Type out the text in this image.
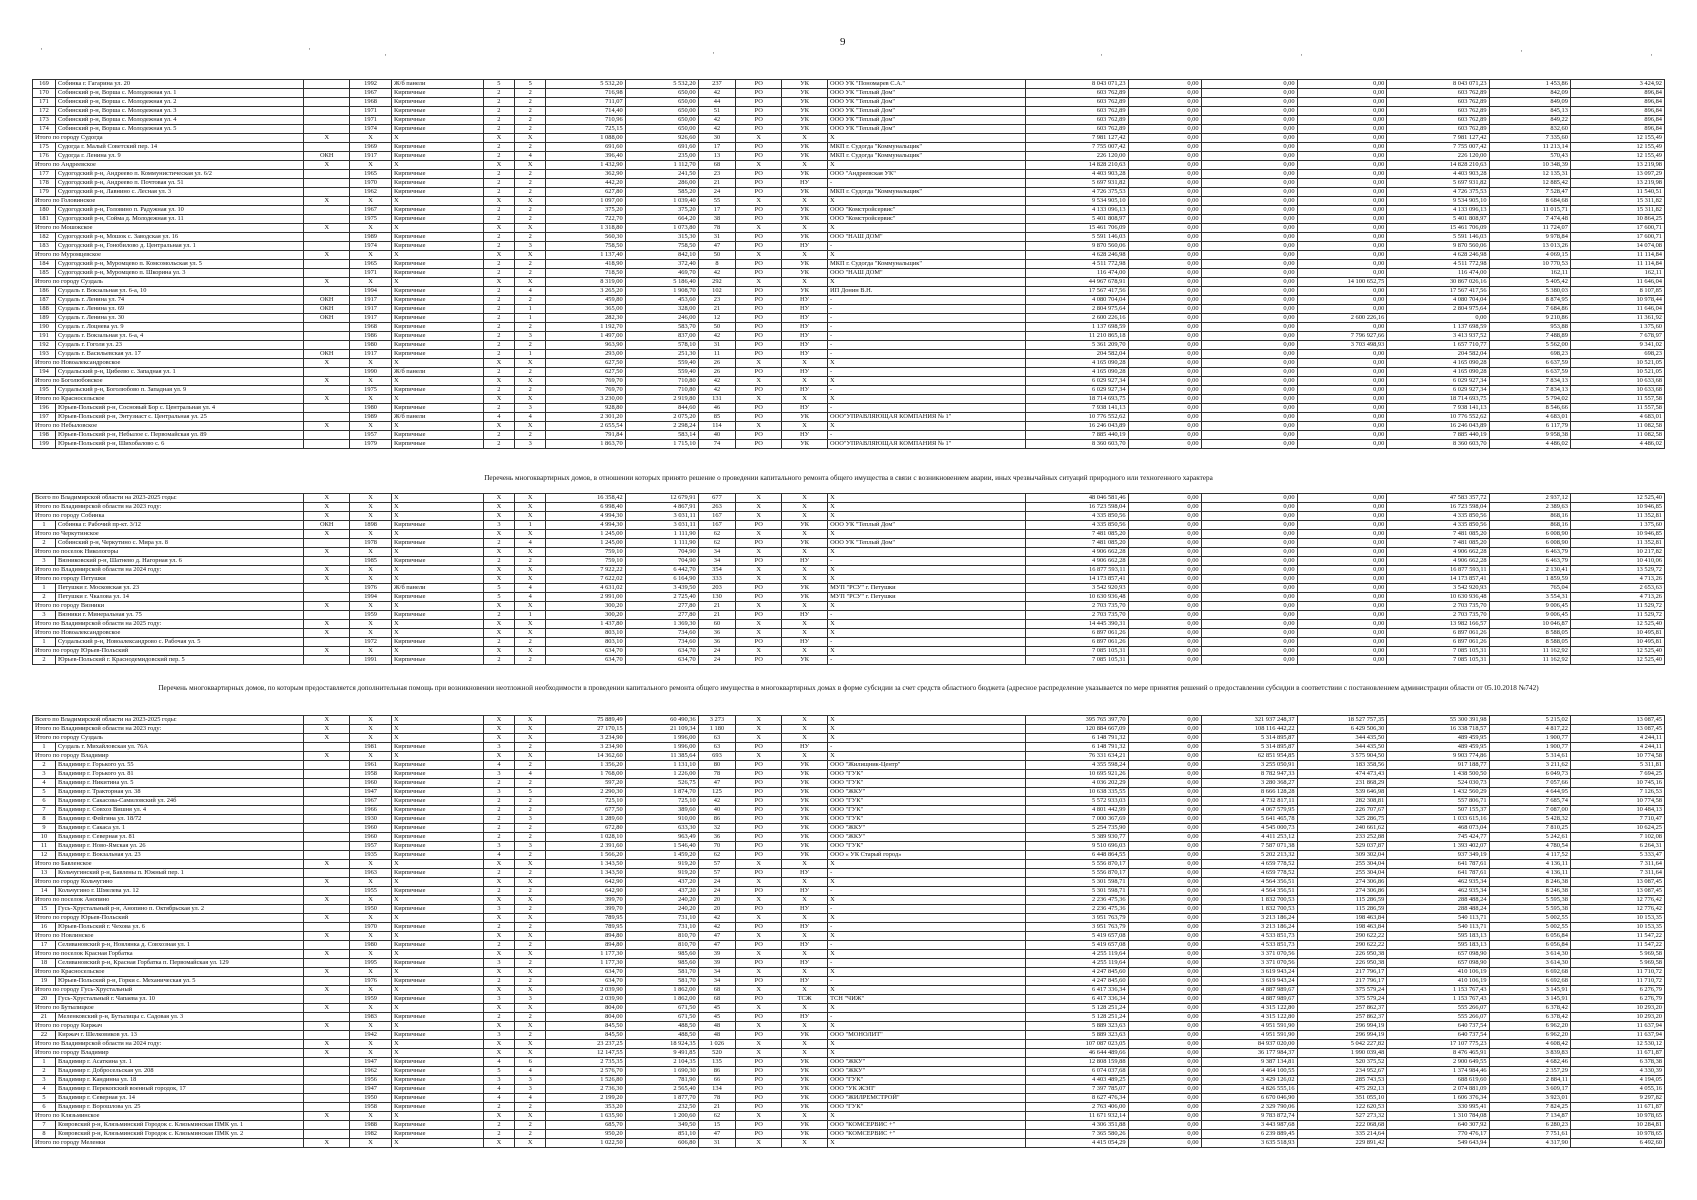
9
·	·
·	·	·	·	·	·
169	Собинка г. Гагарина ул. 20		1992	Ж/б панели	5	5	5 532,20	5 532,20	237	РО	УК	ООО УК "Пономарев С.А."	8 043 071,23	0,00	0,00	0,00	8 043 071,23	1 453,86	3 424,92
170	Собинский р-н, Ворша с. Молодежная ул. 1		1967	Кирпичные	2	2	716,98	650,00	42	РО	УК	ООО УК "Теплый Дом"	603 762,89	0,00	0,00	0,00	603 762,89	842,09	896,84
171	Собинский р-н, Ворша с. Молодежная ул. 2		1968	Кирпичные	2	2	711,07	650,00	44	РО	УК	ООО УК "Теплый Дом"	603 762,89	0,00	0,00	0,00	603 762,89	849,09	896,84
172	Собинский р-н, Ворша с. Молодежная ул. 3		1971	Кирпичные	2	2	714,40	650,00	51	РО	УК	ООО УК "Теплый Дом"	603 762,89	0,00	0,00	0,00	603 762,89	845,13	896,84
173	Собинский р-н, Ворша с. Молодежная ул. 4		1971	Кирпичные	2	2	710,96	650,00	42	РО	УК	ООО УК "Теплый Дом"	603 762,89	0,00	0,00	0,00	603 762,89	849,22	896,84
174	Собинский р-н, Ворша с. Молодежная ул. 5		1974	Кирпичные	2	2	725,15	650,00	42	РО	УК	ООО УК "Теплый Дом"	603 762,89	0,00	0,00	0,00	603 762,89	832,60	896,84
Итого по городу Судогда		Х	Х	Х	Х	Х	1 088,00	926,60	30	Х	Х	Х	7 981 127,42	0,00	0,00	0,00	7 981 127,42	7 335,60	12 155,49
175	Судогда г. Малый Советский пер. 14		1969	Кирпичные	2	2	691,60	691,60	17	РО	УК	МКП г. Судогда "Коммунальщик"	7 755 007,42	0,00	0,00	0,00	7 755 007,42	11 213,14	12 155,49
176	Судогда г. Ленина ул. 9	ОКН	1917	Кирпичные	2	4	396,40	235,00	13	РО	УК	МКП г. Судогда "Коммунальщик"	226 120,00	0,00	0,00	0,00	226 120,00	570,43	12 155,49
Итого по Андреевское		Х	Х	Х	Х	Х	1 432,90	1 112,70	68	Х	Х	Х	14 828 210,63	0,00	0,00	0,00	14 828 210,63	10 348,39	13 219,98
177	Судогодский р-н, Андреево п. Коммунистическая ул. 6/2		1965	Кирпичные	2	2	362,90	241,50	23	РО	УК	ООО "Андреевская УК"	4 403 903,28	0,00	0,00	0,00	4 403 903,28	12 135,31	13 097,29
178	Судогодский р-н, Андреево п. Почтовая ул. 51		1970	Кирпичные	2	2	442,20	286,00	21	РО	НУ	-	5 697 931,82	0,00	0,00	0,00	5 697 931,82	12 885,42	13 219,98
179	Судогодский р-н, Лавнино с. Лесная ул. 3		1962	Кирпичные	2	2	627,80	585,20	24	РО	УК	МКП г. Судогда "Коммунальщик"	4 726 375,53	0,00	0,00	0,00	4 726 375,53	7 528,47	11 540,51
Итого по Головинское		Х	Х	Х	Х	Х	1 097,00	1 039,40	55	Х	Х	Х	9 534 905,10	0,00	0,00	0,00	9 534 905,10	8 684,68	15 311,82
180	Судогодский р-н, Головино п. Радужная ул. 10		1967	Кирпичные	2	2	375,20	375,20	17	РО	УК	ООО "Комстройсервис"	4 133 096,13	0,00	0,00	0,00	4 133 096,13	11 015,71	15 311,82
181	Судогодский р-н, Сойма д. Молодежная ул. 11		1975	Кирпичные	2	2	722,70	664,20	38	РО	УК	ООО "Комстройсервис"	5 401 808,97	0,00	0,00	0,00	5 401 808,97	7 474,48	10 864,25
Итого по Мошокское		Х	Х	Х	Х	Х	1 318,80	1 073,80	78	Х	Х	Х	15 461 706,09	0,00	0,00	0,00	15 461 706,09	11 724,07	17 600,71
182	Судогодский р-н, Мошок с. Заводская ул. 16		1989	Кирпичные	2	2	560,30	315,30	31	РО	УК	ООО "НАШ ДОМ"	5 591 146,03	0,00	0,00	0,00	5 591 146,03	9 978,84	17 600,71
183	Судогодский р-н, Гонобилово д. Центральная ул. 1		1974	Кирпичные	2	3	758,50	758,50	47	РО	НУ	-	9 870 560,06	0,00	0,00	0,00	9 870 560,06	13 013,26	14 074,08
Итого по Муромцевское		Х	Х	Х	Х	Х	1 137,40	842,10	50	Х	Х	Х	4 628 246,98	0,00	0,00	0,00	4 628 246,98	4 069,15	11 114,84
184	Судогодский р-н, Муромцево п. Комсомольская ул. 5		1965	Кирпичные	2	2	418,90	372,40	8	РО	УК	МКП г. Судогда "Коммунальщик"	4 511 772,98	0,00	0,00	0,00	4 511 772,98	10 770,53	11 114,84
185	Судогодский р-н, Муромцево п. Шкорина ул. 3		1971	Кирпичные	2	2	718,50	469,70	42	РО	УК	ООО "НАШ ДОМ"	116 474,00	0,00	0,00	0,00	116 474,00	162,11	162,11
Итого по городу Суздаль		Х	Х	Х	Х	Х	8 319,00	5 186,40	292	Х	Х	Х	44 967 678,91	0,00	0,00	14 100 652,75	30 867 026,16	5 405,42	11 646,04
186	Суздаль г. Вокзальная ул. 6-а, 10		1994	Кирпичные	2	4	3 265,20	1 908,70	102	РО	УК	ИП Донин В.Н.	17 567 417,56	0,00	0,00	0,00	17 567 417,56	5 380,03	8 107,85
187	Суздаль г. Ленина ул. 74	ОКН	1917	Кирпичные	2	2	459,80	453,60	23	РО	НУ	-	4 080 704,04	0,00	0,00	0,00	4 080 704,04	8 874,95	10 978,44
188	Суздаль г. Ленина ул. 69	ОКН	1917	Кирпичные	2	1	365,00	328,00	21	РО	НУ	-	2 804 975,64	0,00	0,00	0,00	2 804 975,64	7 684,86	11 646,04
189	Суздаль г. Ленина ул. 30	ОКН	1917	Кирпичные	2	1	282,30	246,00	12	РО	НУ	-	2 600 226,16	0,00	0,00	2 600 226,16	0,00	9 210,86	11 361,92
190	Суздаль г. Лоцнева ул. 9		1968	Кирпичные	2	2	1 192,70	583,70	50	РО	НУ	-	1 137 698,59	0,00	0,00	0,00	1 137 698,59	953,88	1 375,60
191	Суздаль г. Вокзальная ул. 6-а, 4		1986	Кирпичные	2	3	1 497,00	837,00	42	РО	НУ	-	11 210 865,18	0,00	0,00	7 796 927,66	3 413 937,52	7 488,89	7 678,97
192	Суздаль г. Гоголя ул. 23		1980	Кирпичные	2	2	963,90	578,10	31	РО	НУ	-	5 361 209,70	0,00	0,00	3 703 498,93	1 657 710,77	5 562,00	9 341,02
193	Суздаль г. Васильевская ул. 17	ОКН	1917	Кирпичные	2	1	293,00	251,30	11	РО	НУ	-	204 582,04	0,00	0,00	0,00	204 582,04	698,23	698,23
Итого по Новоалександровское		Х	Х	Х	Х	Х	627,50	559,40	26	Х	Х	Х	4 165 090,28	0,00	0,00	0,00	4 165 090,28	6 637,59	10 521,05
194	Суздальский р-н, Цибеево с. Западная ул. 1		1990	Ж/б панели	2	2	627,50	559,40	26	РО	НУ	-	4 165 090,28	0,00	0,00	0,00	4 165 090,28	6 637,59	10 521,05
Итого по Боголюбовское		Х	Х	Х	Х	Х	769,70	710,80	42	Х	Х	Х	6 029 927,34	0,00	0,00	0,00	6 029 927,34	7 834,13	10 633,68
195	Суздальский р-н, Боголюбово п. Западная ул. 9		1975	Кирпичные	2	2	769,70	710,80	42	РО	НУ	-	6 029 927,34	0,00	0,00	0,00	6 029 927,34	7 834,13	10 633,68
Итого по Красносельское		Х	Х	Х	Х	Х	3 230,00	2 919,80	131	Х	Х	Х	18 714 693,75	0,00	0,00	0,00	18 714 693,75	5 794,02	11 557,58
196	Юрьев-Польский р-н, Сосновый Бор с. Центральная ул. 4		1980	Кирпичные	2	3	928,80	844,60	46	РО	НУ	-	7 938 141,13	0,00	0,00	0,00	7 938 141,13	8 546,66	11 557,58
197	Юрьев-Польский р-н, Энтузиаст с. Центральная ул. 25		1989	Ж/б панели	4	4	2 301,20	2 075,20	85	РО	УК	ООО"УПРАВЛЯЮЩАЯ КОМПАНИЯ № 1"	10 776 552,62	0,00	0,00	0,00	10 776 552,62	4 683,01	4 683,01
Итого по Небыловское		Х	Х	Х	Х	Х	2 655,54	2 298,24	114	Х	Х	Х	16 246 043,89	0,00	0,00	0,00	16 246 043,89	6 117,79	11 082,58
198	Юрьев-Польский р-н, Небылое с. Первомайская ул. 89		1957	Кирпичные	2	2	791,84	583,14	40	РО	НУ	-	7 885 440,19	0,00	0,00	0,00	7 885 440,19	9 958,38	11 082,58
199	Юрьев-Польский р-н, Шихобалово с. 6		1979	Кирпичные	2	3	1 863,70	1 715,10	74	РО	УК	ООО"УПРАВЛЯЮЩАЯ КОМПАНИЯ № 1"	8 360 603,70	0,00	0,00	0,00	8 360 603,70	4 486,02	4 486,02
Перечень многоквартирных домов, в отношении которых принято решение о проведении капитального ремонта общего имущества в связи с возникновением аварии, иных чрезвычайных ситуаций природного или техногенного характера
Всего по Владимирской области на 2023-2025 годы:		Х	Х	Х	Х	Х	16 358,42	12 679,91	677	Х	Х	Х	48 046 581,46	0,00	0,00	0,00	47 583 357,72	2 937,12	12 525,40
Итого по Владимирской области на 2023 году:		Х	Х	Х	Х	Х	6 998,40	4 867,91	263	Х	Х	Х	16 723 598,04	0,00	0,00	0,00	16 723 598,04	2 389,63	10 946,85
Итого по городу Собинка		Х	Х	Х	Х	Х	4 994,30	3 031,11	167	Х	Х	Х	4 335 850,56	0,00	0,00	0,00	4 335 850,56	868,16	11 352,81
1	Собинка г. Рабочий пр-кт. 3/12	ОКН	1898	Кирпичные	3	1	4 994,30	3 031,11	167	РО	УК	ООО УК "Теплый Дом"	4 335 850,56	0,00	0,00	0,00	4 335 850,56	868,16	1 375,60
Итого по Черкутинское		Х	Х	Х	Х	Х	1 245,00	1 111,90	62	Х	Х	Х	7 481 085,20	0,00	0,00	0,00	7 481 085,20	6 008,90	10 946,85
2	Собинский р-н, Черкутино с. Мира ул. 8		1978	Кирпичные	2	4	1 245,00	1 111,90	62	РО	УК	ООО УК "Теплый Дом"	7 481 085,20	0,00	0,00	0,00	7 481 085,20	6 008,90	11 352,81
Итого по поселок Никологоры		Х	Х	Х	Х	Х	759,10	704,90	34	Х	Х	Х	4 906 662,28	0,00	0,00	0,00	4 906 662,28	6 463,79	10 217,82
3	Вязниковский р-н, Шатнево д. Нагорная ул. 6		1985	Кирпичные	2	2	759,10	704,90	34	РО	НУ	-	4 906 662,28	0,00	0,00	0,00	4 906 662,28	6 463,79	10 410,06
Итого по Владимирской области на 2024 году:		Х	Х	Х	Х	Х	7 922,22	6 442,70	354	Х	Х	Х	16 877 593,11	0,00	0,00	0,00	16 877 593,11	2 130,41	13 529,72
Итого по городу Петушки		Х	Х	Х	Х	Х	7 622,02	6 164,90	333	Х	Х	Х	14 173 857,41	0,00	0,00	0,00	14 173 857,41	1 859,59	4 713,26
1	Петушки г. Московская ул. 23		1976	Ж/б панели	5	4	4 631,02	3 439,50	203	РО	УК	МУП "РСУ" г. Петушки	3 542 920,93	0,00	0,00	0,00	3 542 920,93	765,04	2 653,63
2	Петушки г. Чкалова ул. 14		1994	Кирпичные	5	4	2 991,00	2 725,40	130	РО	УК	МУП "РСУ" г. Петушки	10 630 936,48	0,00	0,00	0,00	10 630 936,48	3 554,31	4 713,26
Итого по городу Вязники		Х	Х	Х	Х	Х	300,20	277,80	21	Х	Х	Х	2 703 735,70	0,00	0,00	0,00	2 703 735,70	9 006,45	11 529,72
3	Вязники г. Минеральная ул. 75		1959	Кирпичные	2	1	300,20	277,80	21	РО	НУ	-	2 703 735,70	0,00	0,00	0,00	2 703 735,70	9 006,45	11 529,72
Итого по Владимирской области на 2025 году:		Х	Х	Х	Х	Х	1 437,80	1 369,30	60	Х	Х	Х	14 445 390,31	0,00	0,00	0,00	13 982 166,57	10 046,87	12 525,40
Итого по Новоалександровское		Х	Х	Х	Х	Х	803,10	734,60	36	Х	Х	Х	6 897 061,26	0,00	0,00	0,00	6 897 061,26	8 588,05	10 495,81
1	Суздальский р-н, Новоалександрово с. Рабочая ул. 5		1972	Кирпичные	2	2	803,10	734,60	36	РО	НУ	-	6 897 061,26	0,00	0,00	0,00	6 897 061,26	8 588,05	10 495,81
Итого по городу Юрьев-Польский		Х	Х	Х	Х	Х	634,70	634,70	24	Х	Х	Х	7 085 105,31	0,00	0,00	0,00	7 085 105,31	11 162,92	12 525,40
2	Юрьев-Польский г. Краснодемидовский пер. 5		1991	Кирпичные	2	2	634,70	634,70	24	РО	УК	-	7 085 105,31	0,00	0,00	0,00	7 085 105,31	11 162,92	12 525,40
Перечень многоквартирных домов, по которым предоставляется дополнительная помощь при возникновении неотложной необходимости в проведении капитального ремонта общего имущества в многоквартирных домах в форме субсидии за счет средств областного бюджета (адресное распределение указывается по мере принятия решений о предоставлении субсидии в соответствии с постановлением администрации области от 05.10.2018 №742)
Всего по Владимирской области на 2023-2025 годы:		Х	Х	Х	Х	Х	75 889,49	60 490,36	3 273	Х	Х	Х	395 765 397,70	0,00	321 937 248,37	18 527 757,35	55 300 391,98	5 215,02	13 087,45
Итого по Владимирской области на 2023 году:		Х	Х	Х	Х	Х	27 170,15	21 109,34	1 180	Х	Х	Х	120 884 667,09	0,00	108 116 442,22	6 429 506,30	16 338 718,57	4 817,22	13 087,45
Итого по городу Суздаль		Х	Х	Х	Х	Х	3 234,90	1 996,00	63	Х	Х	Х	6 148 791,32	0,00	5 314 895,87	344 435,50	489 459,95	1 900,77	4 244,11
1	Суздаль г. Михайловская ул. 76А		1981	Кирпичные	3	2	3 234,90	1 996,00	63	РО	НУ	-	6 148 791,32	0,00	5 314 895,87	344 435,50	489 459,95	1 900,77	4 244,11
Итого по городу Владимир		Х	Х	Х	Х	Х	14 362,60	11 385,64	693	Х	Х	Х	76 331 634,21	0,00	62 851 954,85	3 575 904,50	9 903 774,86	5 314,61	10 774,58
2	Владимир г. Горького ул. 55		1961	Кирпичные	4	2	1 356,20	1 131,10	80	РО	УК	ООО "Жилищник-Центр"	4 355 598,24	0,00	3 255 050,91	183 358,56	917 188,77	3 211,62	5 311,81
3	Владимир г. Горького ул. 81		1958	Кирпичные	3	4	1 768,00	1 226,00	78	РО	УК	ООО "ГУК"	10 695 921,26	0,00	8 782 947,33	474 473,43	1 438 500,50	6 049,73	7 694,25
4	Владимир г. Никитина ул. 5		1960	Кирпичные	2	2	597,20	526,75	47	РО	УК	ООО "ГУК"	4 036 202,29	0,00	3 280 368,27	231 868,29	524 030,73	7 057,66	10 745,16
5	Владимир г. Тракторная ул. 38		1947	Кирпичные	3	5	2 290,30	1 874,70	125	РО	УК	ООО "ЖКУ"	10 638 335,55	0,00	8 666 128,28	539 646,98	1 432 560,29	4 644,95	7 126,53
6	Владимир г. Сакасова-Самиловский ул. 24б		1967	Кирпичные	2	2	725,10	725,10	42	РО	УК	ООО "ГУК"	5 572 933,03	0,00	4 732 817,11	282 308,81	557 806,71	7 685,74	10 774,58
7	Владимир г. Совхоз Вишня ул. 4		1966	Кирпичные	2	2	677,50	389,60	40	РО	УК	ООО "ГУК"	4 801 442,99	0,00	4 067 579,95	226 707,67	507 155,37	7 087,00	10 484,13
8	Владимир г. Фейгина ул. 18/72		1930	Кирпичные	2	3	1 289,60	910,00	86	РО	УК	ООО "ГУК"	7 000 367,69	0,00	5 641 465,78	325 286,75	1 033 615,16	5 428,32	7 710,47
9	Владимир г. Сакаса ул. 1		1960	Кирпичные	2	2	672,80	633,30	32	РО	УК	ООО "ЖКУ"	5 254 735,90	0,00	4 545 000,73	240 661,62	468 073,04	7 810,25	10 624,25
10	Владимир г. Северная ул. 81		1960	Кирпичные	2	2	1 028,10	963,49	36	РО	УК	ООО "ЖКУ"	5 389 930,77	0,00	4 411 253,12	233 252,88	745 424,77	5 242,61	7 102,08
11	Владимир г. Ново-Ямская ул. 26		1957	Кирпичные	3	3	2 391,60	1 546,40	70	РО	УК	ООО "ГУК"	9 510 696,03	0,00	7 587 071,38	529 037,87	1 393 402,07	4 780,54	6 264,31
12	Владимир г. Вокзальная ул. 23		1935	Кирпичные	4	2	1 566,20	1 459,20	62	РО	УК	ООО « УК Старый город»	6 448 864,55	0,00	5 202 213,32	309 302,04	937 349,19	4 117,52	5 333,47
Итого по Бавленское		Х	Х	Х	Х	Х	1 343,50	919,20	57	Х	Х	Х	5 556 870,17	0,00	4 659 778,52	255 304,04	641 787,61	4 136,11	7 311,64
13	Кольчугинский р-н, Бавлены п. Южный пер. 1		1963	Кирпичные	2	2	1 343,50	919,20	57	РО	НУ	-	5 556 870,17	0,00	4 659 778,52	255 304,04	641 787,61	4 136,11	7 311,64
Итого по городу Кольчугино		Х	Х	Х	Х	Х	642,90	437,20	24	Х	Х	Х	5 301 598,71	0,00	4 564 356,51	274 306,86	462 935,34	8 246,38	13 087,45
14	Кольчугино г. Шмелева ул. 12		1955	Кирпичные	2	2	642,90	437,20	24	РО	НУ	-	5 301 598,71	0,00	4 564 356,51	274 306,86	462 935,34	8 246,38	13 087,45
Итого по поселок Анопино		Х	Х	Х	Х	Х	399,70	240,20	20	Х	Х	Х	2 236 475,36	0,00	1 832 700,53	115 286,59	288 488,24	5 595,38	12 776,42
15	Гусь-Хрустальный р-н, Анопино п. Октябрьская ул. 2		1950	Кирпичные	3	2	399,70	240,20	20	РО	НУ	-	2 236 475,36	0,00	1 832 700,53	115 286,59	288 488,24	5 595,38	12 776,42
Итого по городу Юрьев-Польский		Х	Х	Х	Х	Х	789,95	731,10	42	Х	Х	Х	3 951 763,79	0,00	3 213 186,24	198 463,84	540 113,71	5 002,55	10 153,35
16	Юрьев-Польский г. Чехова ул. 6		1970	Кирпичные	2	2	789,95	731,10	42	РО	НУ	-	3 951 763,79	0,00	3 213 186,24	198 463,84	540 113,71	5 002,55	10 153,35
Итого по Новлинское		Х	Х	Х	Х	Х	894,80	810,70	47	Х	Х	Х	5 419 657,08	0,00	4 533 851,73	290 622,22	595 183,13	6 056,84	11 547,22
17	Селивановский р-н, Новлянка д. Совхозная ул. 1		1980	Кирпичные	2	2	894,80	810,70	47	РО	НУ	-	5 419 657,08	0,00	4 533 851,73	290 622,22	595 183,13	6 056,84	11 547,22
Итого по поселок Красная Горбатка		Х	Х	Х	Х	Х	1 177,30	985,60	39	Х	Х	Х	4 255 119,64	0,00	3 371 070,56	226 950,38	657 098,90	3 614,30	5 969,58
18	Селивановский р-н, Красная Горбатка п. Первомайская ул. 129		1995	Кирпичные	3	2	1 177,30	985,60	39	РО	НУ	-	4 255 119,64	0,00	3 371 070,56	226 950,38	657 098,90	3 614,30	5 969,58
Итого по Красносельское		Х	Х	Х	Х	Х	634,70	581,70	34	Х	Х	Х	4 247 845,60	0,00	3 619 943,24	217 796,17	410 106,19	6 692,68	11 710,72
19	Юрьев-Польский р-н, Горки с. Механическая ул. 5		1976	Кирпичные	2	2	634,70	581,70	34	РО	НУ	-	4 247 845,60	0,00	3 619 943,24	217 796,17	410 106,19	6 692,68	11 710,72
Итого по городу Гусь-Хрустальный		Х	Х	Х	Х	Х	2 039,90	1 862,00	68	Х	Х	Х	6 417 336,34	0,00	4 887 989,67	375 579,24	1 153 767,43	3 145,91	6 276,79
20	Гусь-Хрустальный г. Чапаева ул. 10		1959	Кирпичные	3	3	2 039,90	1 862,00	68	РО	ТСЖ	ТСН "ЧИЖ"	6 417 336,34	0,00	4 887 989,67	375 579,24	1 153 767,43	3 145,91	6 276,79
Итого по Бутылицкое		Х	Х	Х	Х	Х	804,00	671,50	45	Х	Х	Х	5 128 251,24	0,00	4 315 122,80	257 862,37	555 266,07	6 378,42	10 293,20
21	Меленковский р-н, Бутылицы с. Садовая ул. 3		1983	Кирпичные	2	2	804,00	671,50	45	РО	НУ	-	5 128 251,24	0,00	4 315 122,80	257 862,37	555 266,07	6 378,42	10 293,20
Итого по городу Киржач		Х	Х	Х	Х	Х	845,50	488,50	48	Х	Х	Х	5 889 323,63	0,00	4 951 591,90	296 994,19	640 737,54	6 962,20	11 637,94
22	Киржач г. Шелковиков ул. 13		1942	Кирпичные	3	2	845,50	488,50	48	РО	УК	ООО "МОНОЛИТ"	5 889 323,63	0,00	4 951 591,90	296 994,19	640 737,54	6 962,20	11 637,94
Итого по Владимирской области на 2024 году:		Х	Х	Х	Х	Х	23 237,25	18 924,35	1 026	Х	Х	Х	107 087 023,05	0,00	84 937 020,00	5 042 227,82	17 107 775,23	4 608,42	12 530,12
Итого по городу Владимир		Х	Х	Х	Х	Х	12 147,55	9 491,85	520	Х	Х	Х	46 644 489,66	0,00	36 177 984,37	1 990 039,48	8 476 465,91	3 839,83	11 671,87
1	Владимир г. Асаткина ул. 1		1947	Кирпичные	4	6	2 735,35	2 104,35	135	РО	УК	ООО "ЖКУ"	12 808 159,88	0,00	9 387 134,81	520 375,52	2 900 649,55	4 682,46	6 378,38
2	Владимир г. Добросельская ул. 208		1962	Кирпичные	5	4	2 576,70	1 690,30	86	РО	УК	ООО "ЖКУ"	6 074 037,68	0,00	4 464 100,55	234 952,67	1 374 984,46	2 357,29	4 330,39
3	Владимир г. Кандинна ул. 18		1956	Кирпичные	3	3	1 526,80	781,90	66	РО	УК	ООО "ГУК"	4 403 489,25	0,00	3 429 126,02	285 743,53	688 619,60	2 884,11	4 194,05
4	Владимир г. Перекопский военный городок, 17		1947	Кирпичные	4	3	2 736,30	2 565,40	134	РО	УК	ООО "УК ЖЭП"	7 397 785,07	0,00	4 826 555,16	475 292,13	2 074 881,09	3 609,17	4 055,16
5	Владимир г. Северная ул. 14		1950	Кирпичные	4	4	2 199,20	1 877,70	78	РО	УК	ООО "ЖИЛРЕМСТРОЙ"	8 627 476,34	0,00	6 670 046,90	351 055,10	1 606 376,34	3 923,01	9 297,82
6	Владимир г. Ворошлова ул. 25		1958	Кирпичные	2	2	353,20	232,50	21	РО	УК	ООО "ГУК"	2 763 406,00	0,00	2 329 790,06	122 620,53	330 995,41	7 824,25	11 671,87
Итого по Клязьминское		Х	Х	Х	Х	Х	1 635,90	1 200,60	62	Х	Х	Х	11 671 932,14	0,00	9 783 872,74	527 273,32	1 310 784,08	7 134,87	10 978,65
7	Ковровский р-н, Клязьминский Городок с. Клязьминская ПМК ул. 1		1988	Кирпичные	2	2	685,70	349,50	15	РО	УК	ООО "КОМСЕРВИС +"	4 306 351,88	0,00	3 443 987,68	222 068,68	640 307,92	6 280,23	10 284,81
8	Ковровский р-н, Клязьминский Городок с. Клязьминская ПМК ул. 2		1982	Кирпичные	2	2	950,20	851,10	47	РО	УК	ООО "КОМСЕРВИС +"	7 365 580,26	0,00	6 239 889,45	335 214,64	770 476,17	7 751,61	10 978,65
Итого по городу Меленки		Х	Х	Х	Х	Х	1 022,50	606,80	31	Х	Х	Х	4 415 054,29	0,00	3 635 518,93	229 891,42	549 643,94	4 317,90	6 492,60
